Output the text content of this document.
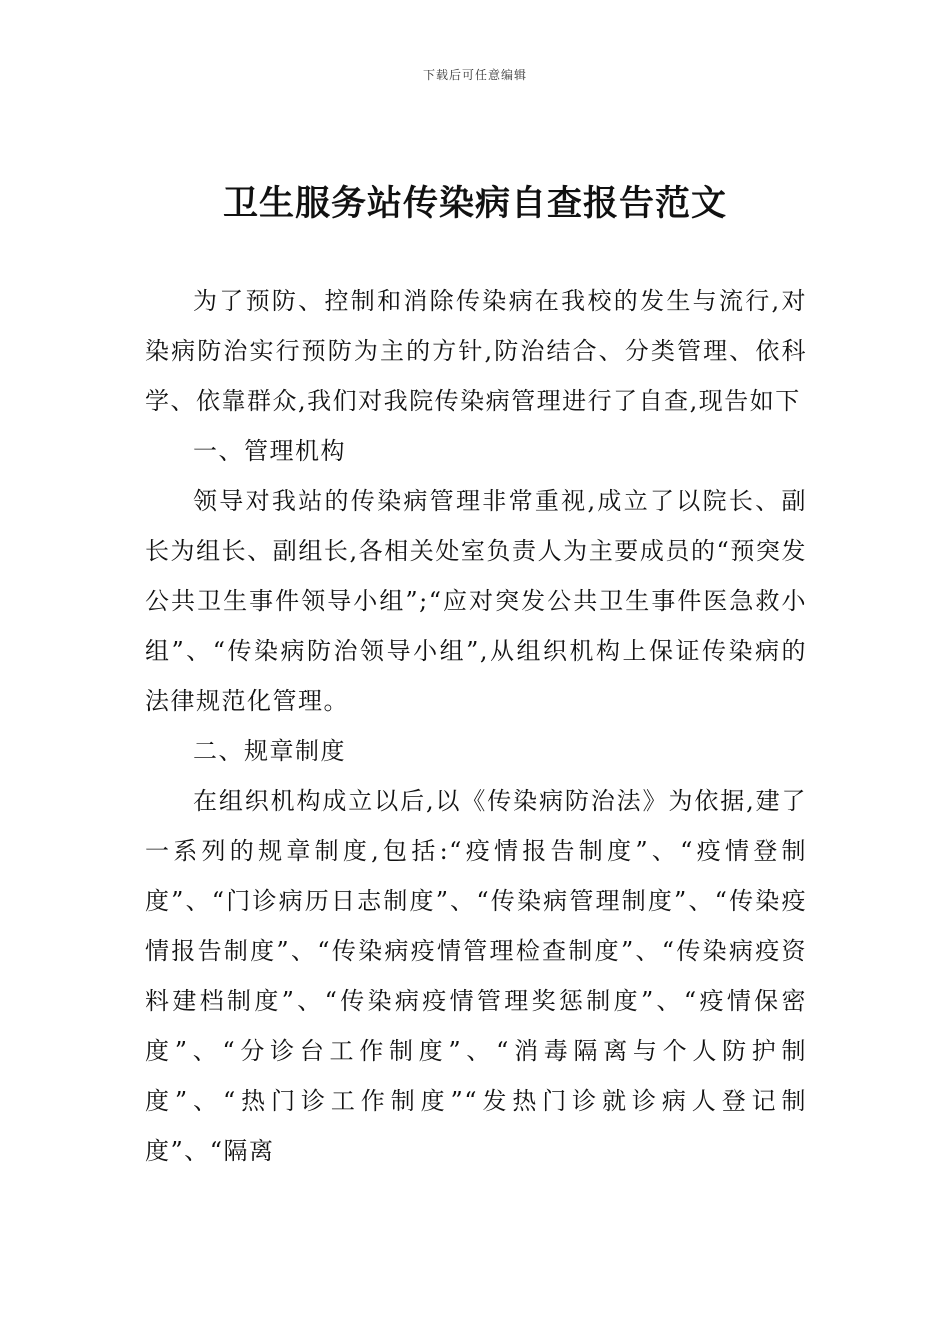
下载后可任意编辑
卫生服务站传染病自查报告范文

为了预防、控制和消除传染病在我校的发生与流行,对染病防治实行预防为主的方针,防治结合、分类管理、依科学、依靠群众,我们对我院传染病管理进行了自查,现告如下

一、管理机构

领导对我站的传染病管理非常重视,成立了以院长、副长为组长、副组长,各相关处室负责人为主要成员的“预突发公共卫生事件领导小组”;“应对突发公共卫生事件医急救小组”、“传染病防治领导小组”,从组织机构上保证传染病的法律规范化管理。

二、规章制度

在组织机构成立以后,以《传染病防治法》为依据,建了一系列的规章制度,包括:“疫情报告制度”、“疫情登制度”、“门诊病历日志制度”、“传染病管理制度”、“传染疫情报告制度”、“传染病疫情管理检查制度”、“传染病疫资料建档制度”、“传染病疫情管理奖惩制度”、“疫情保密度”、“分诊台工作制度”、“消毒隔离与个人防护制度”、“热门诊工作制度”“发热门诊就诊病人登记制度”、“隔离
